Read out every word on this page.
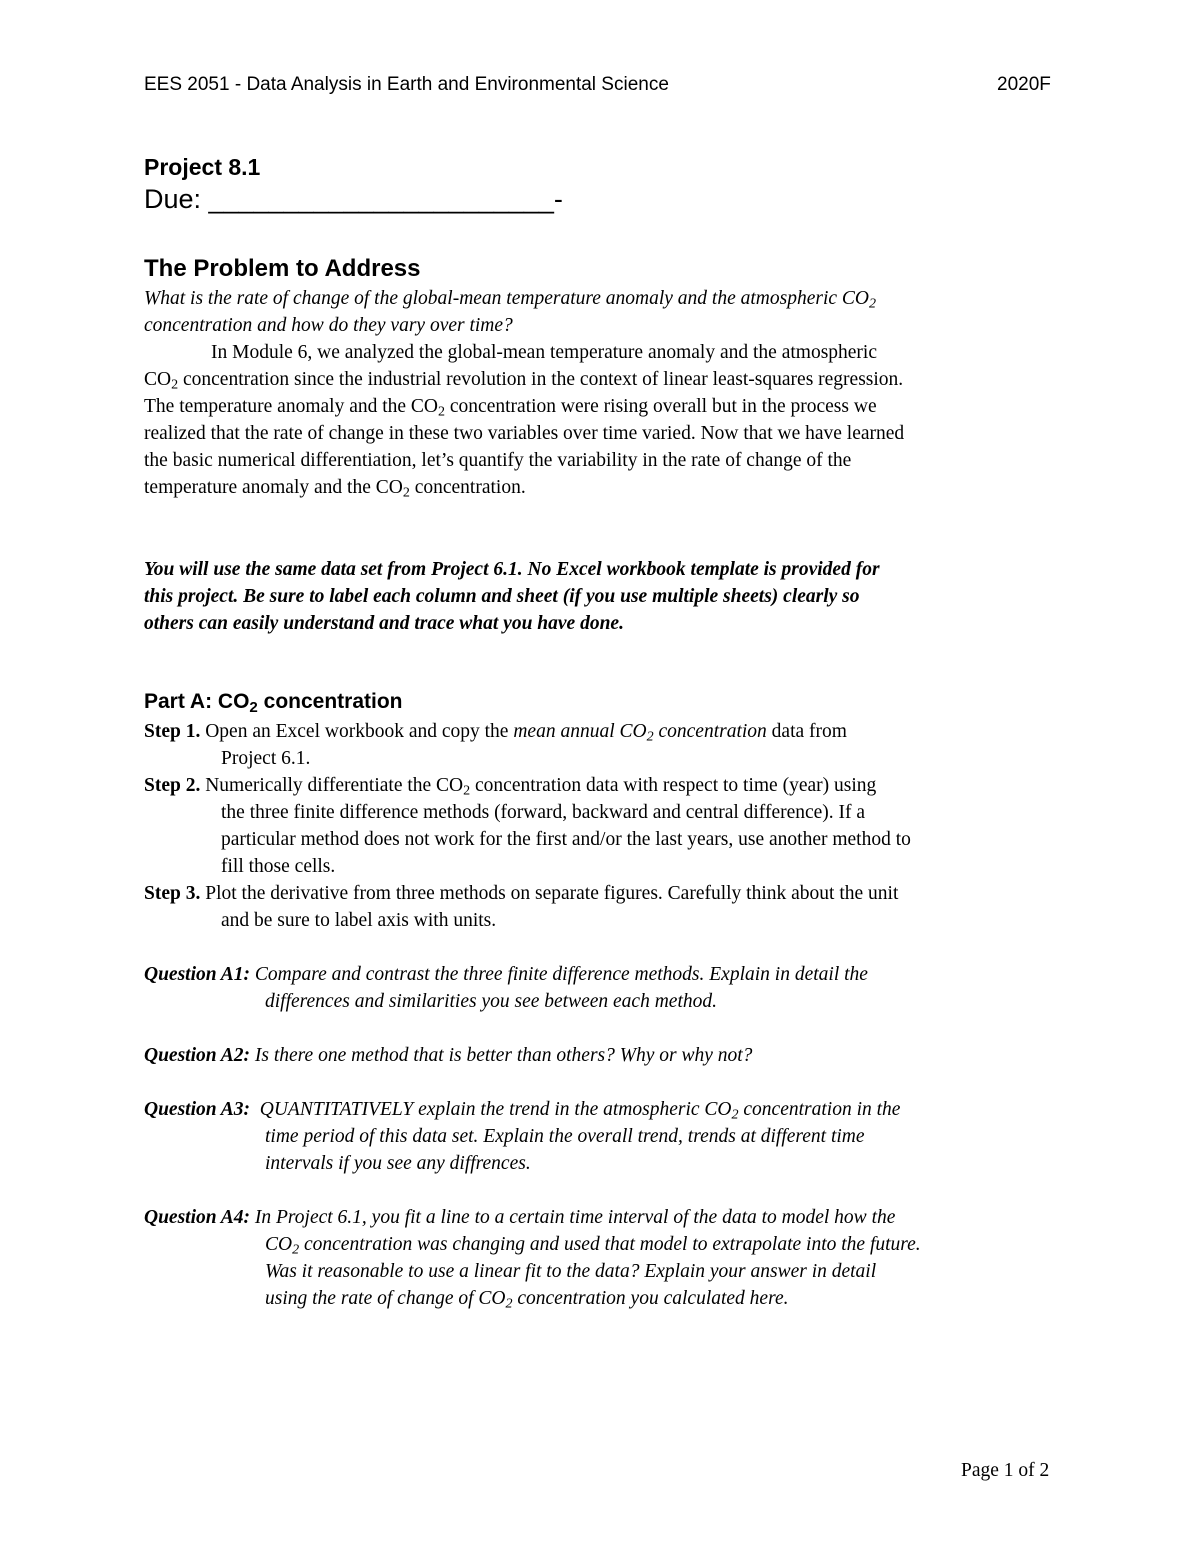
EES 2051 - Data Analysis in Earth and Environmental Science	2020F
Project 8.1
Due: _______________________-
The Problem to Address
What is the rate of change of the global-mean temperature anomaly and the atmospheric $CO_2$
concentration and how do they vary over time?
In Module 6, we analyzed the global-mean temperature anomaly and the atmospheric
$CO_2$ concentration since the industrial revolution in the context of linear least-squares regression.
The temperature anomaly and the $CO_2$ concentration were rising overall but in the process we
realized that the rate of change in these two variables over time varied. Now that we have learned
the basic numerical differentiation, let’s quantify the variability in the rate of change of the
temperature anomaly and the $CO_2$ concentration.
You will use the same data set from Project 6.1. No Excel workbook template is provided for
this project. Be sure to label each column and sheet (if you use multiple sheets) clearly so
others can easily understand and trace what you have done.
Part A: $CO_2$ concentration
Step 1. Open an Excel workbook and copy the mean annual $CO_2$ concentration data from
Project 6.1.
Step 2. Numerically differentiate the $CO_2$ concentration data with respect to time (year) using
the three finite difference methods (forward, backward and central difference). If a
particular method does not work for the first and/or the last years, use another method to
fill those cells.
Step 3. Plot the derivative from three methods on separate figures. Carefully think about the unit
and be sure to label axis with units.
Question A1: Compare and contrast the three finite difference methods. Explain in detail the
differences and similarities you see between each method.
Question A2: Is there one method that is better than others? Why or why not?
Question A3:  QUANTITATIVELY explain the trend in the atmospheric $CO_2$ concentration in the
time period of this data set. Explain the overall trend, trends at different time
intervals if you see any diffrences.
Question A4: In Project 6.1, you fit a line to a certain time interval of the data to model how the
$CO_2$ concentration was changing and used that model to extrapolate into the future.
Was it reasonable to use a linear fit to the data? Explain your answer in detail
using the rate of change of $CO_2$ concentration you calculated here.
Page 1 of 2
